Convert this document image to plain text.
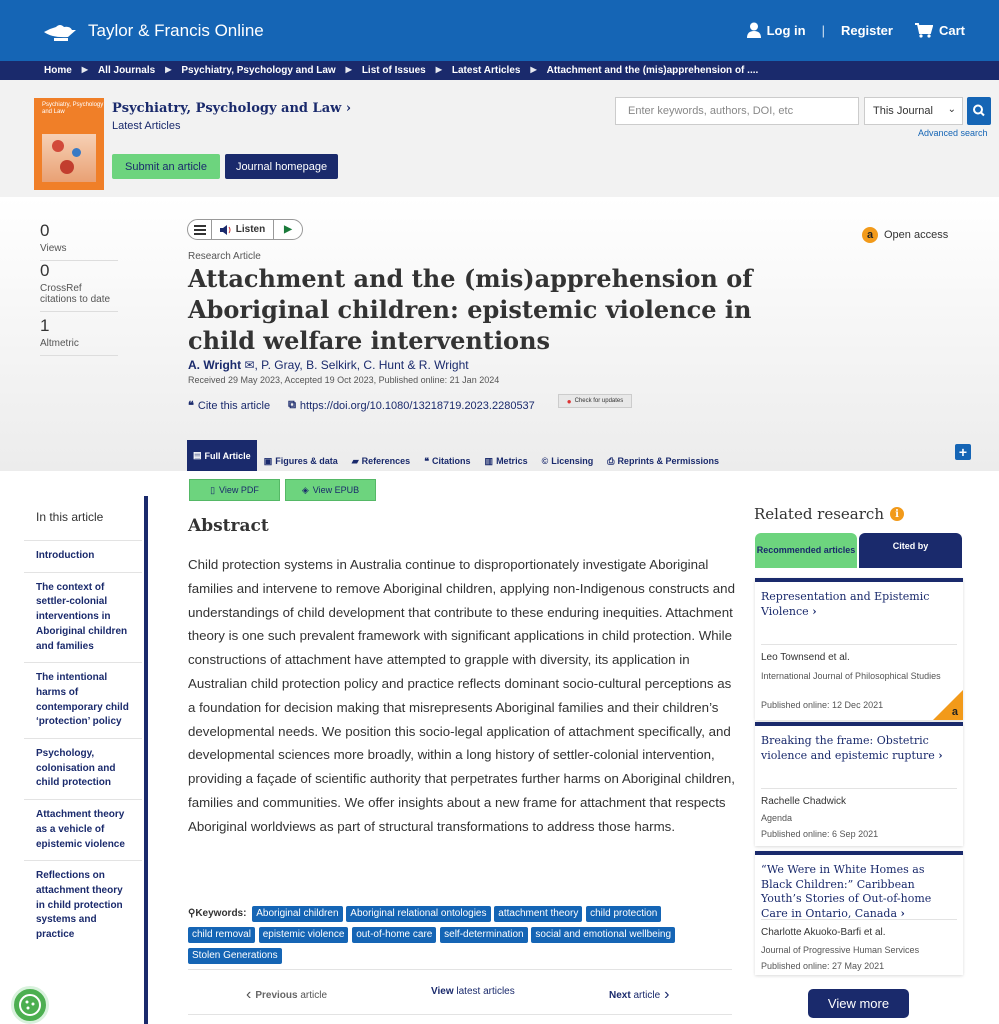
Taylor & Francis Online	Log in | Register	Cart
Home ▶ All Journals ▶ Psychiatry, Psychology and Law ▶ List of Issues ▶ Latest Articles ▶ Attachment and the (mis)apprehension of ....
Psychiatry, Psychology and Law	Psychiatry, Psychology and Law ›
Latest Articles
Submit an article	Journal homepage
Enter keywords, authors, DOI, etc	This Journal ⌄
Advanced search
0
Views
0
CrossRef citations to date
1
Altmetric
Listen	▶	a Open access
Research Article
Attachment and the (mis)apprehension of Aboriginal children: epistemic violence in child welfare interventions
A. Wright ✉, P. Gray, B. Selkirk, C. Hunt & R. Wright
Received 29 May 2023, Accepted 19 Oct 2023, Published online: 21 Jan 2024
❝ Cite this article ⧉ https://doi.org/10.1080/13218719.2023.2280537	● Check for updates
▤ Full Article ▣ Figures & data ▰ References ❝ Citations ▥ Metrics © Licensing ⎙ Reprints & Permissions
+
▯ View PDF	◈ View EPUB
In this article
Introduction
The context of settler-colonial interventions in Aboriginal children and families
The intentional harms of contemporary child ‘protection’ policy
Psychology, colonisation and child protection
Attachment theory as a vehicle of epistemic violence
Reflections on attachment theory in child protection systems and practice
Abstract
Child protection systems in Australia continue to disproportionately investigate Aboriginal families and intervene to remove Aboriginal children, applying non-Indigenous constructs and understandings of child development that contribute to these enduring inequities. Attachment theory is one such prevalent framework with significant applications in child protection. While constructions of attachment have attempted to grapple with diversity, its application in Australian child protection policy and practice reflects dominant socio-cultural perceptions as a foundation for decision making that misrepresents Aboriginal families and their children’s developmental needs. We position this socio-legal application of attachment specifically, and developmental sciences more broadly, within a long history of settler-colonial intervention, providing a façade of scientific authority that perpetrates further harms on Aboriginal children, families and communities. We offer insights about a new frame for attachment that respects Aboriginal worldviews as part of structural transformations to address those harms.
⚲Keywords: Aboriginal children Aboriginal relational ontologies attachment theory child protection child removal epistemic violence out-of-home care self-determination social and emotional wellbeing Stolen Generations
‹ Previous article	View latest articles	Next article ›
Related research	i
Recommended articles	Cited by
Representation and Epistemic Violence ›
Leo Townsend et al.
International Journal of Philosophical Studies
Published online: 12 Dec 2021
a
Breaking the frame: Obstetric violence and epistemic rupture ›
Rachelle Chadwick
Agenda
Published online: 6 Sep 2021
“We Were in White Homes as Black Children:” Caribbean Youth’s Stories of Out-of-home Care in Ontario, Canada ›
Charlotte Akuoko-Barfi et al.
Journal of Progressive Human Services
Published online: 27 May 2021
View more
